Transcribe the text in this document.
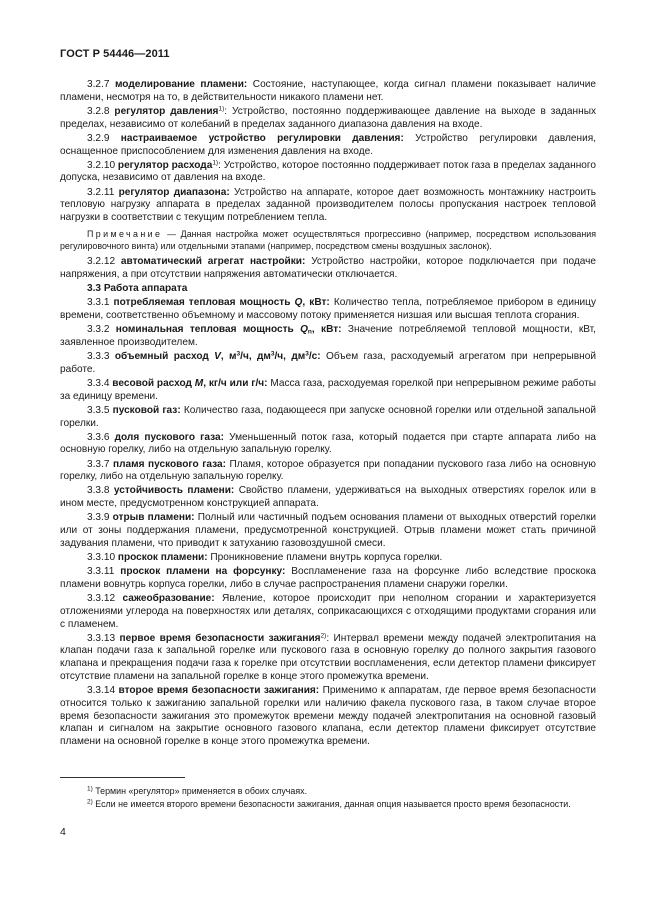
ГОСТ Р 54446—2011

3.2.7 моделирование пламени: Состояние, наступающее, когда сигнал пламени показывает наличие пламени, несмотря на то, в действительности никакого пламени нет.

3.2.8 регулятор давления$^{1)}$: Устройство, постоянно поддерживающее давление на выходе в заданных пределах, независимо от колебаний в пределах заданного диапазона давления на входе.

3.2.9 настраиваемое устройство регулировки давления: Устройство регулировки давления, оснащенное приспособлением для изменения давления на входе.

3.2.10 регулятор расхода$^{1)}$: Устройство, которое постоянно поддерживает поток газа в пределах заданного допуска, независимо от давления на входе.

3.2.11 регулятор диапазона: Устройство на аппарате, которое дает возможность монтажнику настроить тепловую нагрузку аппарата в пределах заданной производителем полосы пропускания настроек тепловой нагрузки в соответствии с текущим потреблением тепла.

Примечание — Данная настройка может осуществляться прогрессивно (например, посредством использования регулировочного винта) или отдельными этапами (например, посредством смены воздушных заслонок).

3.2.12 автоматический агрегат настройки: Устройство настройки, которое подключается при подаче напряжения, а при отсутствии напряжения автоматически отключается.

3.3 Работа аппарата

3.3.1 потребляемая тепловая мощность Q, кВт: Количество тепла, потребляемое прибором в единицу времени, соответственно объемному и массовому потоку применяется низшая или высшая теплота сгорания.

3.3.2 номинальная тепловая мощность $Q_n$, кВт: Значение потребляемой тепловой мощности, кВт, заявленное производителем.

3.3.3 объемный расход V, $м^3/ч$, $дм^3/ч$, $дм^3/с$: Объем газа, расходуемый агрегатом при непрерывной работе.

3.3.4 весовой расход M, кг/ч или г/ч: Масса газа, расходуемая горелкой при непрерывном режиме работы за единицу времени.

3.3.5 пусковой газ: Количество газа, подающееся при запуске основной горелки или отдельной запальной горелки.

3.3.6 доля пускового газа: Уменьшенный поток газа, который подается при старте аппарата либо на основную горелку, либо на отдельную запальную горелку.

3.3.7 пламя пускового газа: Пламя, которое образуется при попадании пускового газа либо на основную горелку, либо на отдельную запальную горелку.

3.3.8 устойчивость пламени: Свойство пламени, удерживаться на выходных отверстиях горелок или в ином месте, предусмотренном конструкцией аппарата.

3.3.9 отрыв пламени: Полный или частичный подъем основания пламени от выходных отверстий горелки или от зоны поддержания пламени, предусмотренной конструкцией. Отрыв пламени может стать причиной задувания пламени, что приводит к затуханию газовоздушной смеси.

3.3.10 проскок пламени: Проникновение пламени внутрь корпуса горелки.

3.3.11 проскок пламени на форсунку: Воспламенение газа на форсунке либо вследствие проскока пламени вовнутрь корпуса горелки, либо в случае распространения пламени снаружи горелки.

3.3.12 сажеобразование: Явление, которое происходит при неполном сгорании и характеризуется отложениями углерода на поверхностях или деталях, соприкасающихся с отходящими продуктами сгорания или с пламенем.

3.3.13 первое время безопасности зажигания$^{2)}$: Интервал времени между подачей электропитания на клапан подачи газа к запальной горелке или пускового газа в основную горелку до полного закрытия газового клапана и прекращения подачи газа к горелке при отсутствии воспламенения, если детектор пламени фиксирует отсутствие пламени на запальной горелке в конце этого промежутка времени.

3.3.14 второе время безопасности зажигания: Применимо к аппаратам, где первое время безопасности относится только к зажиганию запальной горелки или наличию факела пускового газа, в таком случае второе время безопасности зажигания это промежуток времени между подачей электропитания на основной газовый клапан и сигналом на закрытие основного газового клапана, если детектор пламени фиксирует отсутствие пламени на основной горелке в конце этого промежутка времени.

$^{1)}$ Термин «регулятор» применяется в обоих случаях.

$^{2)}$ Если не имеется второго времени безопасности зажигания, данная опция называется просто время безопасности.

4
